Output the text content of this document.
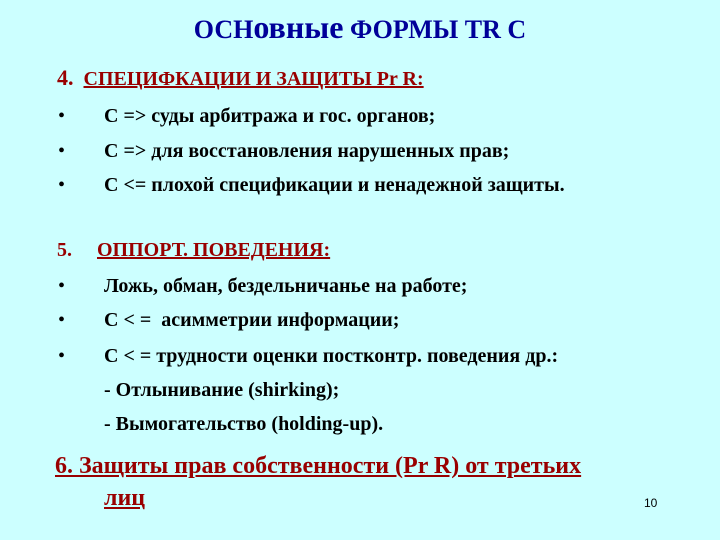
ОСНовные ФОРМЫ TR C
4. СПЕЦИФКАЦИИ И ЗАЩИТЫ Pr R:
• C => суды арбитража и гос. органов;
• C => для восстановления нарушенных прав;
• C <= плохой спецификации и ненадежной защиты.
5. ОППОРТ. ПОВЕДЕНИЯ:
• Ложь, обман, бездельничанье на работе;
• C < =  асимметрии информации;
• C < = трудности оценки постконтр. поведения др.:
- Отлынивание (shirking);
- Вымогательство (holding-up).
6. Защиты прав собственности (Pr R) от третьих
лиц	10
